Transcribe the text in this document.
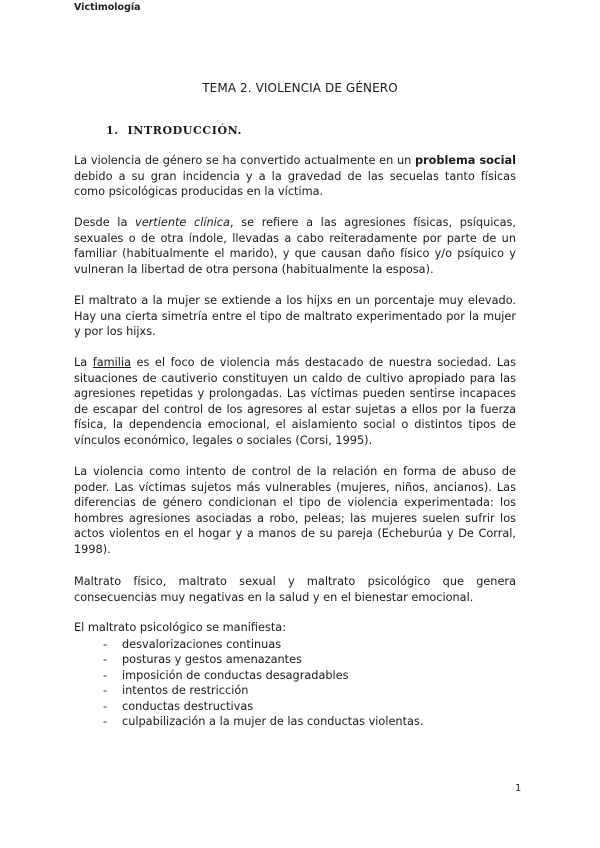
Victimología
TEMA 2. VIOLENCIA DE GÉNERO
1. INTRODUCCIÓN.
La violencia de género se ha convertido actualmente en un problema social debido a su gran incidencia y a la gravedad de las secuelas tanto físicas como psicológicas producidas en la víctima.
Desde la vertiente clínica, se refiere a las agresiones físicas, psíquicas, sexuales o de otra índole, llevadas a cabo reiteradamente por parte de un familiar (habitualmente el marido), y que causan daño físico y/o psíquico y vulneran la libertad de otra persona (habitualmente la esposa).
El maltrato a la mujer se extiende a los hijxs en un porcentaje muy elevado. Hay una cierta simetría entre el tipo de maltrato experimentado por la mujer y por los hijxs.
La familia es el foco de violencia más destacado de nuestra sociedad. Las situaciones de cautiverio constituyen un caldo de cultivo apropiado para las agresiones repetidas y prolongadas. Las víctimas pueden sentirse incapaces de escapar del control de los agresores al estar sujetas a ellos por la fuerza física, la dependencia emocional, el aislamiento social o distintos tipos de vínculos económico, legales o sociales (Corsi, 1995).
La violencia como intento de control de la relación en forma de abuso de poder. Las víctimas sujetos más vulnerables (mujeres, niños, ancianos). Las diferencias de género condicionan el tipo de violencia experimentada: los hombres agresiones asociadas a robo, peleas; las mujeres suelen sufrir los actos violentos en el hogar y a manos de su pareja (Echeburúa y De Corral, 1998).
Maltrato físico, maltrato sexual y maltrato psicológico que genera consecuencias muy negativas en la salud y en el bienestar emocional.
El maltrato psicológico se manifiesta:
- desvalorizaciones continuas
- posturas y gestos amenazantes
- imposición de conductas desagradables
- intentos de restricción
- conductas destructivas
- culpabilización a la mujer de las conductas violentas.
1
